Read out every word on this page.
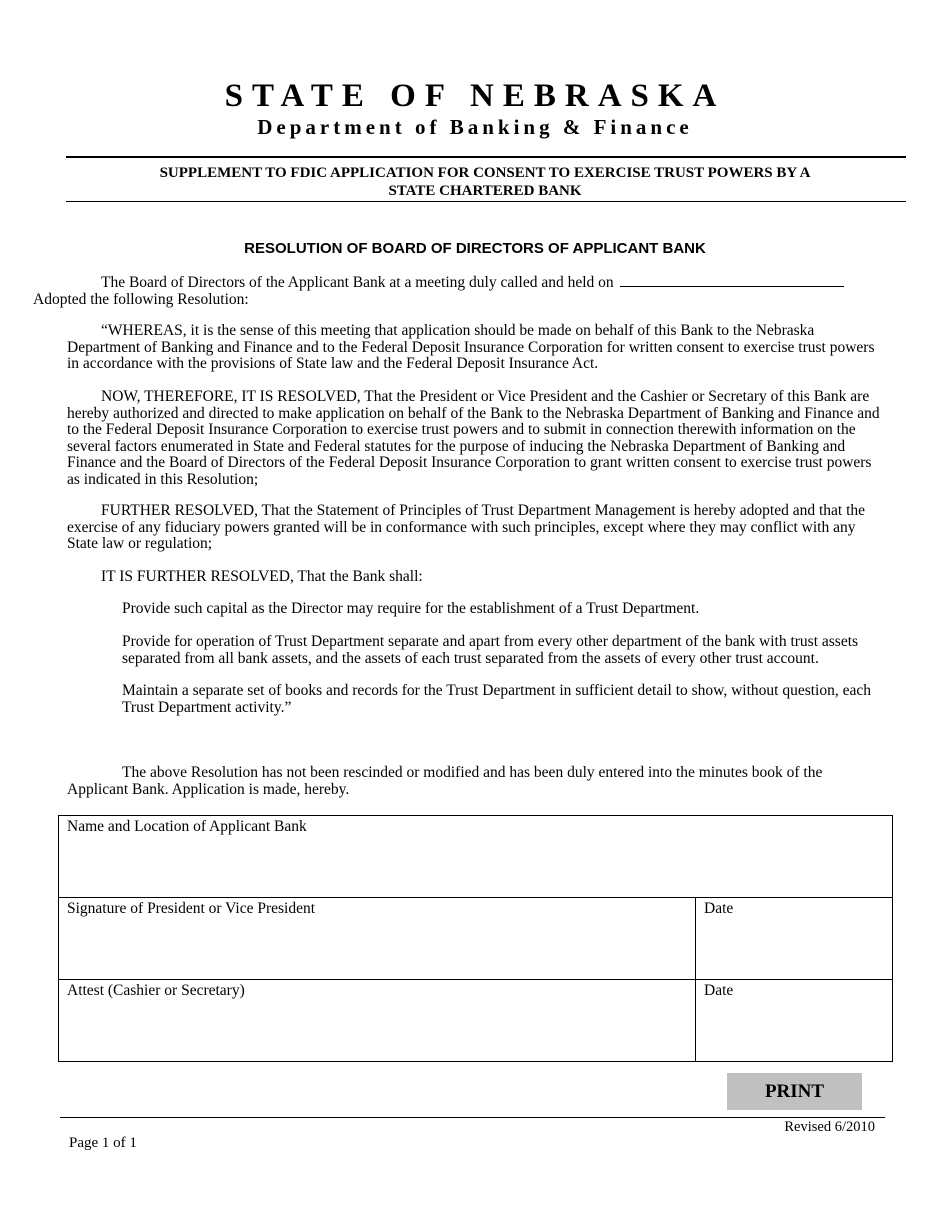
STATE OF NEBRASKA
Department of Banking & Finance
SUPPLEMENT TO FDIC APPLICATION FOR CONSENT TO EXERCISE TRUST POWERS BY A
STATE CHARTERED BANK
RESOLUTION OF BOARD OF DIRECTORS OF APPLICANT BANK
The Board of Directors of the Applicant Bank at a meeting duly called and held on
Adopted the following Resolution:

“WHEREAS, it is the sense of this meeting that application should be made on behalf of this Bank to the Nebraska Department of Banking and Finance and to the Federal Deposit Insurance Corporation for written consent to exercise trust powers in accordance with the provisions of State law and the Federal Deposit Insurance Act.

NOW, THEREFORE, IT IS RESOLVED, That the President or Vice President and the Cashier or Secretary of this Bank are hereby authorized and directed to make application on behalf of the Bank to the Nebraska Department of Banking and Finance and to the Federal Deposit Insurance Corporation to exercise trust powers and to submit in connection therewith information on the several factors enumerated in State and Federal statutes for the purpose of inducing the Nebraska Department of Banking and Finance and the Board of Directors of the Federal Deposit Insurance Corporation to grant written consent to exercise trust powers as indicated in this Resolution;

FURTHER RESOLVED, That the Statement of Principles of Trust Department Management is hereby adopted and that the exercise of any fiduciary powers granted will be in conformance with such principles, except where they may conflict with any State law or regulation;

IT IS FURTHER RESOLVED, That the Bank shall:

Provide such capital as the Director may require for the establishment of a Trust Department.

Provide for operation of Trust Department separate and apart from every other department of the bank with trust assets separated from all bank assets, and the assets of each trust separated from the assets of every other trust account.

Maintain a separate set of books and records for the Trust Department in sufficient detail to show, without question, each Trust Department activity.”

The above Resolution has not been rescinded or modified and has been duly entered into the minutes book of the Applicant Bank. Application is made, hereby.

Name and Location of Applicant Bank	
Signature of President or Vice President	Date
Attest (Cashier or Secretary)	Date
PRINT
Revised 6/2010
Page 1 of 1
